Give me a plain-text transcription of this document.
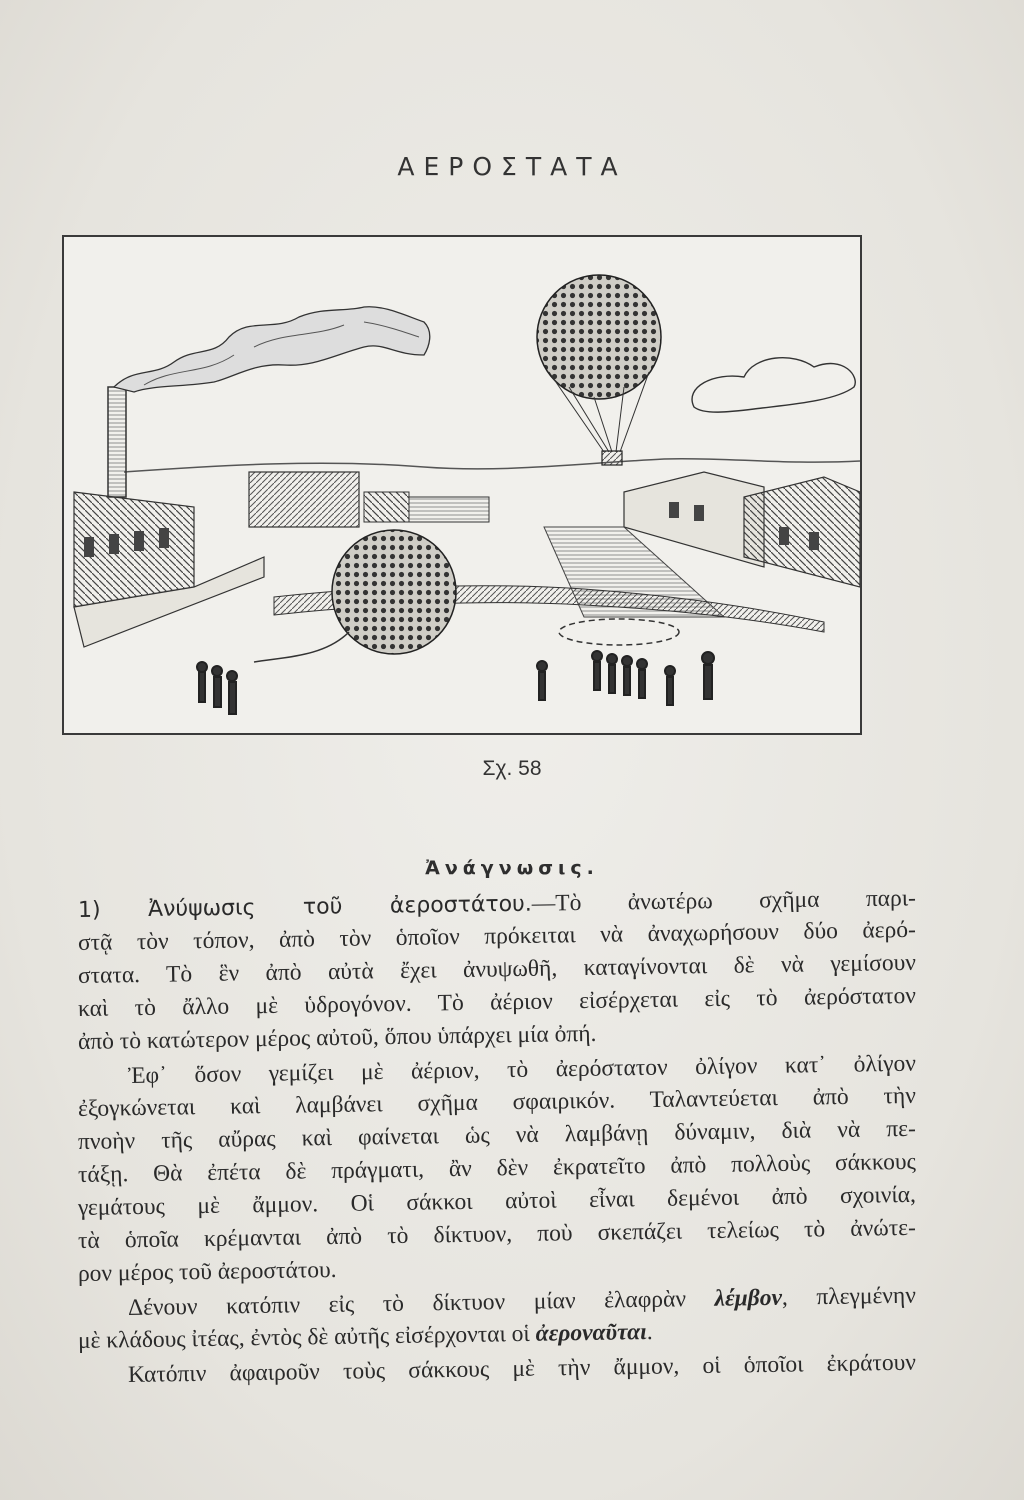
ΑΕΡΟΣΤΑΤΑ
Σχ. 58
Ἀνάγνωσις.
1) Ἀνύψωσις τοῦ ἀεροστάτου.—Τὸ ἀνωτέρω σχῆμα παρι-
στᾷ τὸν τόπον, ἀπὸ τὸν ὁποῖον πρόκειται νὰ ἀναχωρήσουν δύο ἀερό-
στατα. Τὸ ἓν ἀπὸ αὐτὰ ἔχει ἀνυψωθῆ, καταγίνονται δὲ νὰ γεμίσουν
καὶ τὸ ἄλλο μὲ ὑδρογόνον. Τὸ ἀέριον εἰσέρχεται εἰς τὸ ἀερόστατον
ἀπὸ τὸ κατώτερον μέρος αὐτοῦ, ὅπου ὑπάρχει μία ὀπή.
Ἐφ᾽ ὅσον γεμίζει μὲ ἀέριον, τὸ ἀερόστατον ὀλίγον κατ᾽ ὀλίγον
ἐξογκώνεται καὶ λαμβάνει σχῆμα σφαιρικόν. Ταλαντεύεται ἀπὸ τὴν
πνοὴν τῆς αὔρας καὶ φαίνεται ὡς νὰ λαμβάνῃ δύναμιν, διὰ νὰ πε-
τάξῃ. Θὰ ἐπέτα δὲ πράγματι, ἂν δὲν ἐκρατεῖτο ἀπὸ πολλοὺς σάκκους
γεμάτους μὲ ἄμμον. Οἱ σάκκοι αὐτοὶ εἶναι δεμένοι ἀπὸ σχοινία,
τὰ ὁποῖα κρέμανται ἀπὸ τὸ δίκτυον, ποὺ σκεπάζει τελείως τὸ ἀνώτε-
ρον μέρος τοῦ ἀεροστάτου.
Δένουν κατόπιν εἰς τὸ δίκτυον μίαν ἐλαφρὰν λέμβον, πλεγμένην
μὲ κλάδους ἰτέας, ἐντὸς δὲ αὐτῆς εἰσέρχονται οἱ ἀεροναῦται.
Κατόπιν ἀφαιροῦν τοὺς σάκκους μὲ τὴν ἄμμον, οἱ ὁποῖοι ἐκράτουν
